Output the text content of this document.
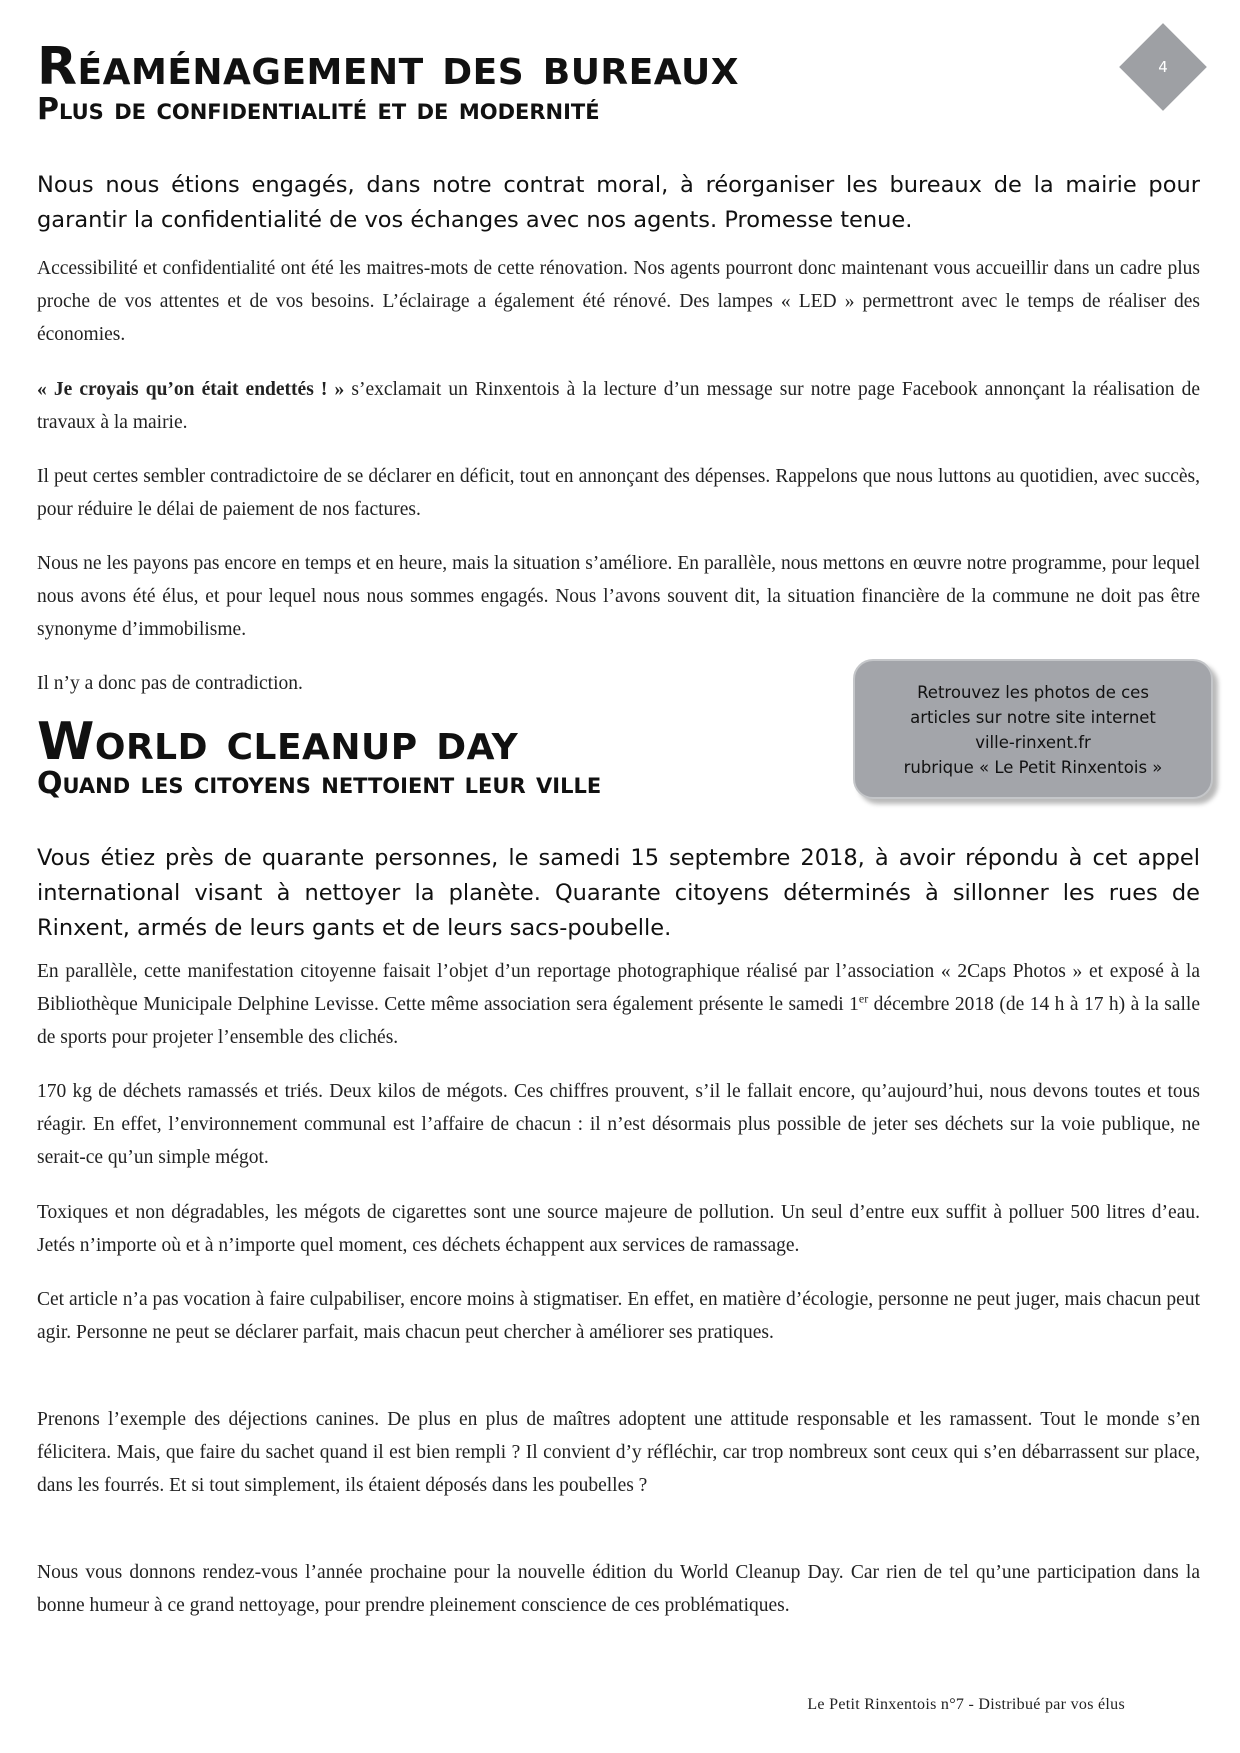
4
Réaménagement des bureaux
Plus de confidentialité et de modernité

Nous nous étions engagés, dans notre contrat moral, à réorganiser les bureaux de la mairie pour garantir la confidentialité de vos échanges avec nos agents. Promesse tenue.

Accessibilité et confidentialité ont été les maitres-mots de cette rénovation. Nos agents pourront donc maintenant vous accueillir dans un cadre plus proche de vos attentes et de vos besoins. L’éclairage a également été rénové. Des lampes « LED » permettront avec le temps de réaliser des économies.

« Je croyais qu’on était endettés ! » s’exclamait un Rinxentois à la lecture d’un message sur notre page Facebook annonçant la réalisation de travaux à la mairie.

Il peut certes sembler contradictoire de se déclarer en déficit, tout en annonçant des dépenses. Rappelons que nous luttons au quotidien, avec succès, pour réduire le délai de paiement de nos factures.

Nous ne les payons pas encore en temps et en heure, mais la situation s’améliore. En parallèle, nous mettons en œuvre notre programme, pour lequel nous avons été élus, et pour lequel nous nous sommes engagés. Nous l’avons souvent dit, la situation financière de la commune ne doit pas être synonyme d’immobilisme.

Il n’y a donc pas de contradiction.	Retrouvez les photos de ces
articles sur notre site internet
ville-rinxent.fr
rubrique « Le Petit Rinxentois »

World cleanup day
Quand les citoyens nettoient leur ville

Vous étiez près de quarante personnes, le samedi 15 septembre 2018, à avoir répondu à cet appel international visant à nettoyer la planète. Quarante citoyens déterminés à sillonner les rues de Rinxent, armés de leurs gants et de leurs sacs-poubelle.

En parallèle, cette manifestation citoyenne faisait l’objet d’un reportage photographique réalisé par l’association « 2Caps Photos » et exposé à la Bibliothèque Municipale Delphine Levisse. Cette même association sera également présente le samedi 1er décembre 2018 (de 14 h à 17 h) à la salle de sports pour projeter l’ensemble des clichés.

170 kg de déchets ramassés et triés. Deux kilos de mégots. Ces chiffres prouvent, s’il le fallait encore, qu’aujourd’hui, nous devons toutes et tous réagir. En effet, l’environnement communal est l’affaire de chacun : il n’est désormais plus possible de jeter ses déchets sur la voie publique, ne serait-ce qu’un simple mégot.

Toxiques et non dégradables, les mégots de cigarettes sont une source majeure de pollution. Un seul d’entre eux suffit à polluer 500 litres d’eau. Jetés n’importe où et à n’importe quel moment, ces déchets échappent aux services de ramassage.

Cet article n’a pas vocation à faire culpabiliser, encore moins à stigmatiser. En effet, en matière d’écologie, personne ne peut juger, mais chacun peut agir. Personne ne peut se déclarer parfait, mais chacun peut chercher à améliorer ses pratiques.

Prenons l’exemple des déjections canines. De plus en plus de maîtres adoptent une attitude responsable et les ramassent. Tout le monde s’en félicitera. Mais, que faire du sachet quand il est bien rempli ? Il convient d’y réfléchir, car trop nombreux sont ceux qui s’en débarrassent sur place, dans les fourrés. Et si tout simplement, ils étaient déposés dans les poubelles ?

Nous vous donnons rendez-vous l’année prochaine pour la nouvelle édition du World Cleanup Day. Car rien de tel qu’une participation dans la bonne humeur à ce grand nettoyage, pour prendre pleinement conscience de ces problématiques.

Le Petit Rinxentois n°7 - Distribué par vos élus
